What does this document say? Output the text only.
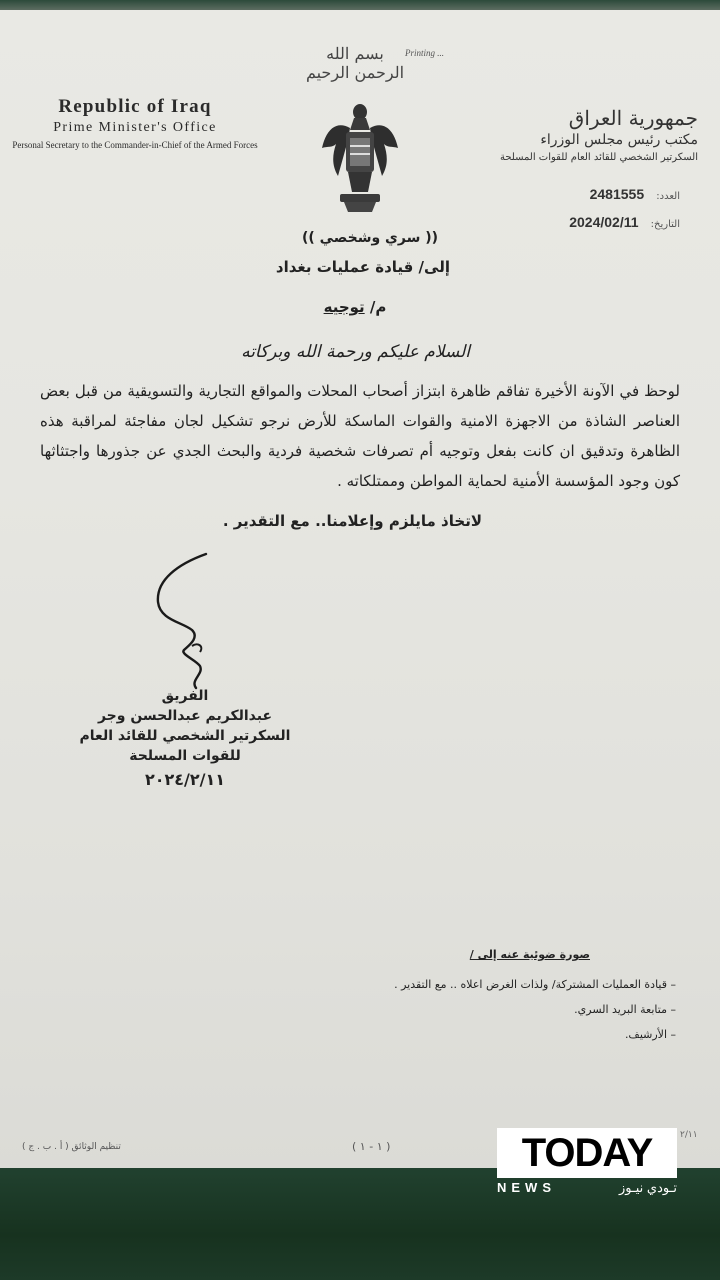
بسم الله الرحمن الرحيم
Printing ...
Republic of Iraq
Prime Minister's Office
Personal Secretary to the Commander-in-Chief of the Armed Forces
جمهورية العراق
مكتب رئيس مجلس الوزراء
السكرتير الشخصي للقائد العام للقوات المسلحة
العدد: 2481555
التاريخ: 2024/02/11
(( سري وشخصي ))
إلى/ قيادة عمليات بغداد
م/ توجيه
السلام عليكم ورحمة الله وبركاته
لوحظ في الآونة الأخيرة تفاقم ظاهرة ابتزاز أصحاب المحلات والمواقع التجارية والتسويقية من قبل بعض العناصر الشاذة من الاجهزة الامنية والقوات الماسكة للأرض نرجو تشكيل لجان مفاجئة لمراقبة هذه الظاهرة وتدقيق ان كانت بفعل وتوجيه أم تصرفات شخصية فردية والبحث الجدي عن جذورها واجتثاثها كون وجود المؤسسة الأمنية لحماية المواطن وممتلكاته .
لاتخاذ مايلزم وإعلامنا.. مع التقدير .
الفريق
عبدالكريم عبدالحسن وجر
السكرتير الشخصي للقائد العام
للقوات المسلحة
٢٠٢٤/٢/١١
صورة ضوئية عنه إلى /
– قيادة العمليات المشتركة/ ولذات الغرض اعلاه .. مع التقدير .
– متابعة البريد السري.
– الأرشيف.
تنظيم الوثائق ( أ . ب . ج )	( ١ - ١ )
٢/١١
TODAY
NEWS	تـودي نيـوز
